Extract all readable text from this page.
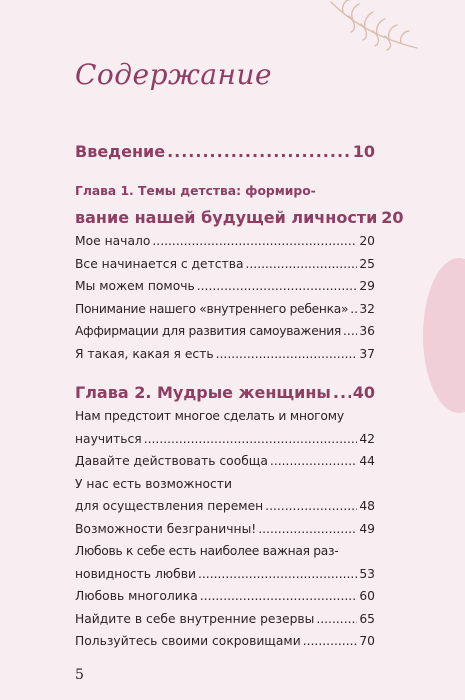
Содержание
Введение .....	10
Глава 1. Темы детства: формиро-
вание нашей будущей личности 20
Мое начало .....	20
Все начинается с детства .....	25
Мы можем помочь .....	29
Понимание нашего «внутреннего ребенка» ..... 32
Аффирмации для развития самоуважения ..... 36
Я такая, какая я есть .....	37
Глава 2. Мудрые женщины ..... 40
Нам предстоит многое сделать и многому
научиться .....	42
Давайте действовать сообща .....	44
У нас есть возможности
для осуществления перемен .....	48
Возможности безграничны! .....	49
Любовь к себе есть наиболее важная раз-
новидность любви .....	53
Любовь многолика .....	60
Найдите в себе внутренние резервы .....	65
Пользуйтесь своими сокровищами .....	70
5
